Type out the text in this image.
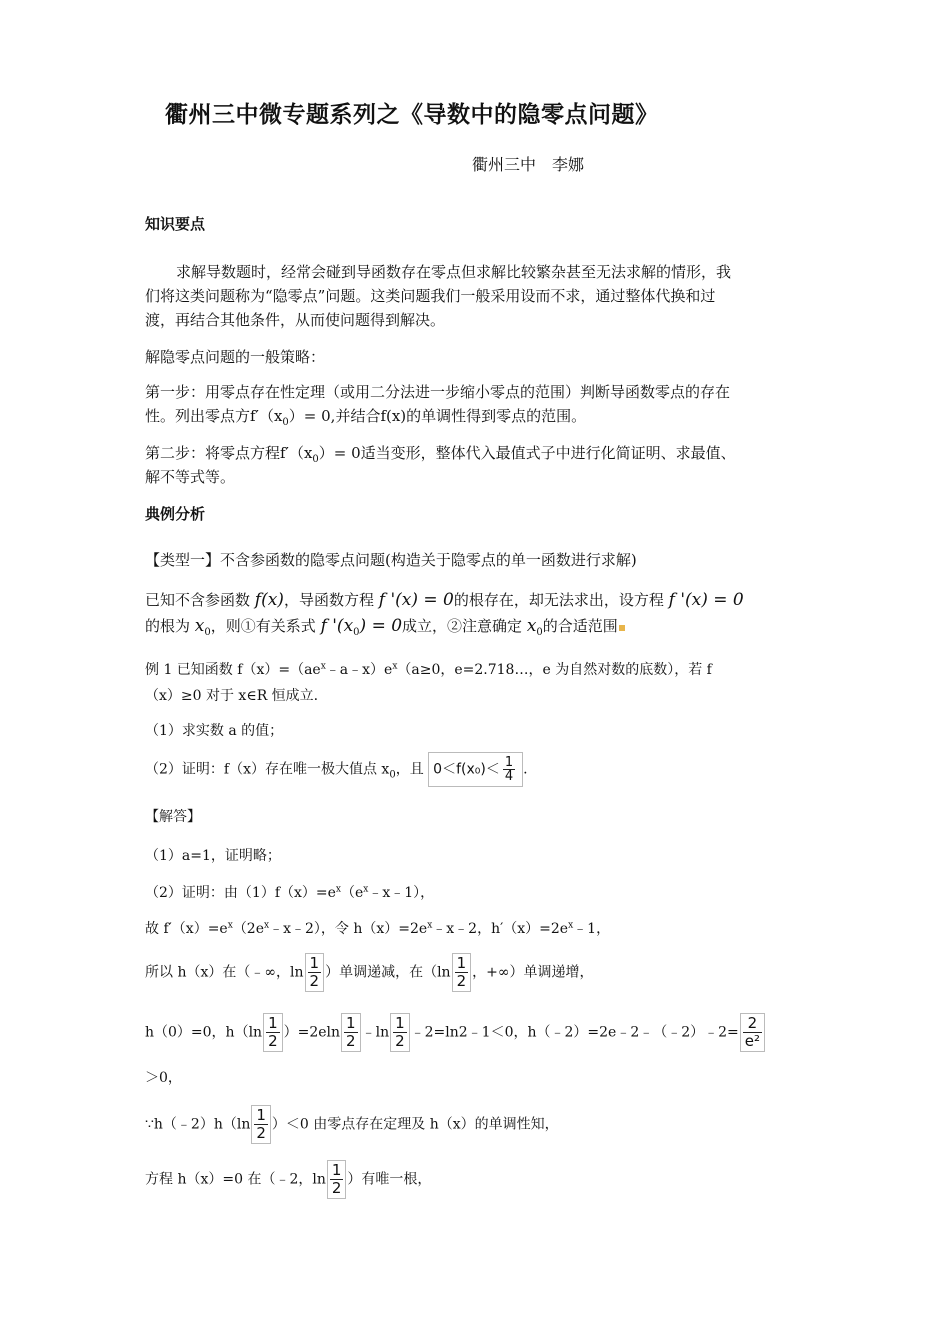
衢州三中微专题系列之《导数中的隐零点问题》
衢州三中　李娜
知识要点
求解导数题时，经常会碰到导函数存在零点但求解比较繁杂甚至无法求解的情形，我
们将这类问题称为“隐零点”问题。这类问题我们一般采用设而不求，通过整体代换和过
渡，再结合其他条件，从而使问题得到解决。
解隐零点问题的一般策略：
第一步：用零点存在性定理（或用二分法进一步缩小零点的范围）判断导函数零点的存在
性。列出零点方$f'(x_0)= 0$,并结合f(x)的单调性得到零点的范围。
第二步：将零点方程$f'(x_0)= 0$适当变形，整体代入最值式子中进行化简证明、求最值、
解不等式等。
典例分析
【类型一】不含参函数的隐零点问题(构造关于隐零点的单一函数进行求解)
已知不含参函数 f(x)，导函数方程 f '(x) = 0的根存在，却无法求出，设方程 f '(x) = 0
的根为 $x_0$，则①有关系式 f '$(x_0) = 0$成立，②注意确定 $x_0$的合适范围
例 1 已知函数 $f(x)=(ae^x﹣a﹣x)e^x(a\ge 0$，e=2.718…，e 为自然对数的底数），若 f
（x）≥0 对于 x∈R 恒成立.
（1）求实数 a 的值；
（2）证明：f（x）存在唯一极大值点 $x_0$，且 $0<f(x_0)< \frac{1}{4}$ .
【解答】
（1）a=1，证明略；
（2）证明：由$(1)f(x)=e^x(e^x﹣x﹣1)$，
故 $f'(x)=e^x(2e^x﹣x﹣2)$，令 $h(x)=2e^x﹣x﹣2$，$h'(x)=2e^x﹣1$，
所以 h（x）在（﹣∞，$\ln \frac{1}{2}$ ）单调递减，在（$\ln \frac{1}{2}$ ，+∞）单调递增，
h（0）=0，$h(\ln \frac{1}{2} )=2eln \frac{1}{2}$ ﹣ln $\frac{1}{2}$ ﹣2=ln2﹣1＜0，h（﹣2）=2e﹣2﹣（﹣2）﹣2= $\frac{2}{\text{e²}}$
＞0，
∵h（﹣2）h（ln $\frac{1}{2} )<0$ 由零点存在定理及 h（x）的单调性知，
方程 h（x）=0 在（﹣2，$\ln \frac{1}{2}$ ）有唯一根，
